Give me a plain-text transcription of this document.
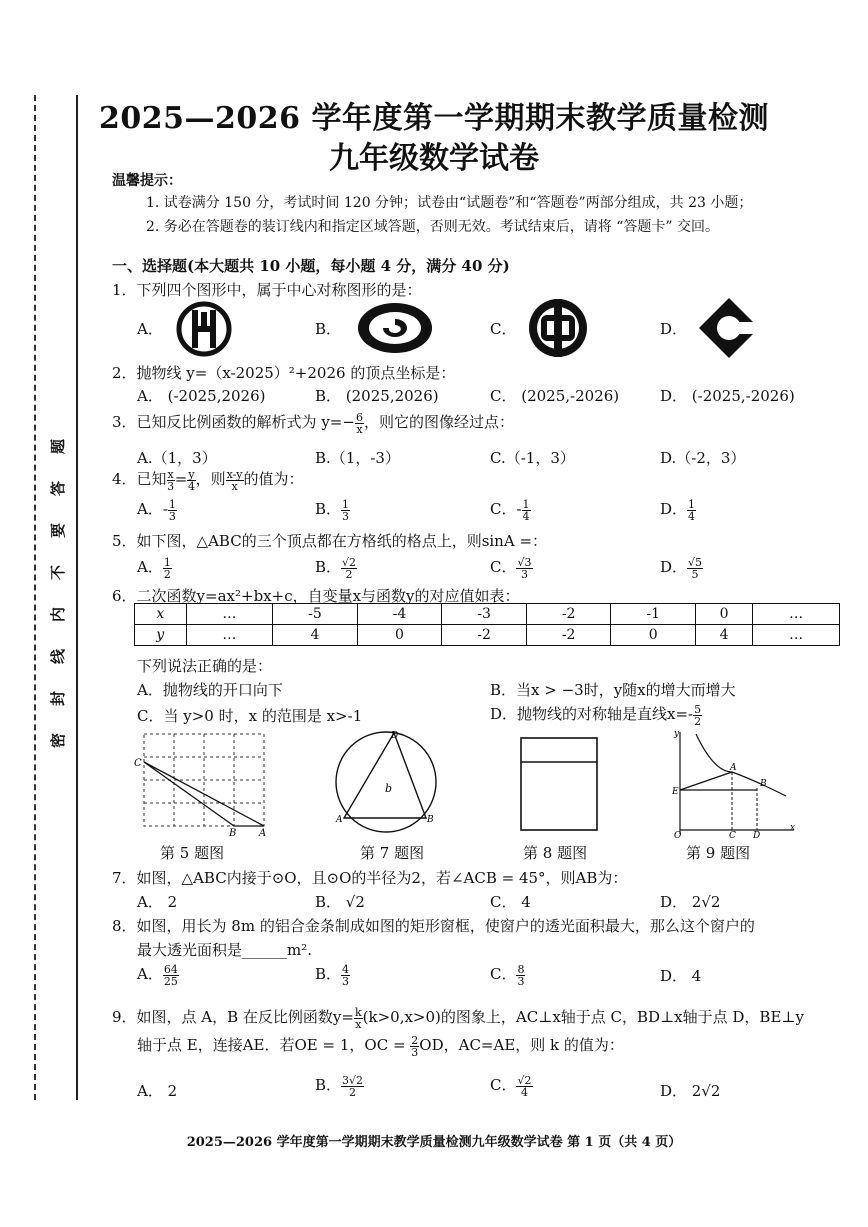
密
封
线
内
不
要
答
题
2025—2026 学年度第一学期期末教学质量检测
九年级数学试卷
温馨提示：
1. 试卷满分 150 分，考试时间 120 分钟；试卷由“试题卷”和“答题卷”两部分组成，共 23 小题；
2. 务必在答题卷的装订线内和指定区域答题，否则无效。考试结束后，请将 “答题卡” 交回。
一、选择题(本大题共 10 小题，每小题 4 分，满分 40 分)
1．下列四个图形中，属于中心对称图形的是：
A．	B．	C．	D．
2．抛物线 y=（x-2025）²+2026 的顶点坐标是：
A． (-2025,2026)	B． (2025,2026)	C． (2025,-2026)	D． (-2025,-2026)
3．已知反比例函数的解析式为 $y=- \frac{6}{x}$ ，则它的图像经过点：
A.（1，3）	B.（1，-3）	C.（-1，3）	D.（-2，3）
4．已知 $\frac{x}{3} = \frac{y}{4}$ ，则 $\frac{x-y}{x}$ 的值为：
A．- $\frac{1}{3}$	B． $\frac{1}{3}$	C．- $\frac{1}{4}$	D． $\frac{1}{4}$
5．如下图，△ABC的三个顶点都在方格纸的格点上，则sinA =：
A． $\frac{1}{2}$	B． $\frac{√2}{2}$	C． $\frac{√3}{3}$	D． $\frac{√5}{5}$
6．二次函数y=ax²+bx+c，自变量x与函数y的对应值如表：
x	…	-5	-4	-3	-2	-1	0	…
y	…	4	0	-2	-2	0	4	…
下列说法正确的是：
A．抛物线的开口向下	B．当x > −3时，y随x的增大而增大
C．当 y>0 时，x 的范围是 x>-1	D．抛物线的对称轴是直线$x=- \frac{5}{2}$
C
B A
D
A	B
b
y
A
B
E
O	C D
x
第 5 题图	第 7 题图	第 8 题图	第 9 题图
7．如图，△ABC内接于⊙O，且⊙O的半径为2，若∠ACB = 45°，则AB为：
A． 2	B． √2	C． 4	D． 2√2
8．如图，用长为 8m 的铝合金条制成如图的矩形窗框，使窗户的透光面积最大，那么这个窗户的
最大透光面积是______m².
A． $\frac{64}{25}$	B． $\frac{4}{3}$	C． $\frac{8}{3}$	D． 4
9．如图，点 A，B 在反比例函数$y= \frac{k}{x} (k>0,x>0)$的图象上，AC⊥x轴于点 C，BD⊥x轴于点 D，BE⊥y
轴于点 E，连接AE．若OE = 1，OC = $\frac{2}{3}$ OD，AC=AE，则 k 的值为：
A． 2	B． $\frac{3√2}{2}$	C． $\frac{√2}{4}$	D． 2√2
2025—2026 学年度第一学期期末教学质量检测九年级数学试卷 第 1 页（共 4 页）
